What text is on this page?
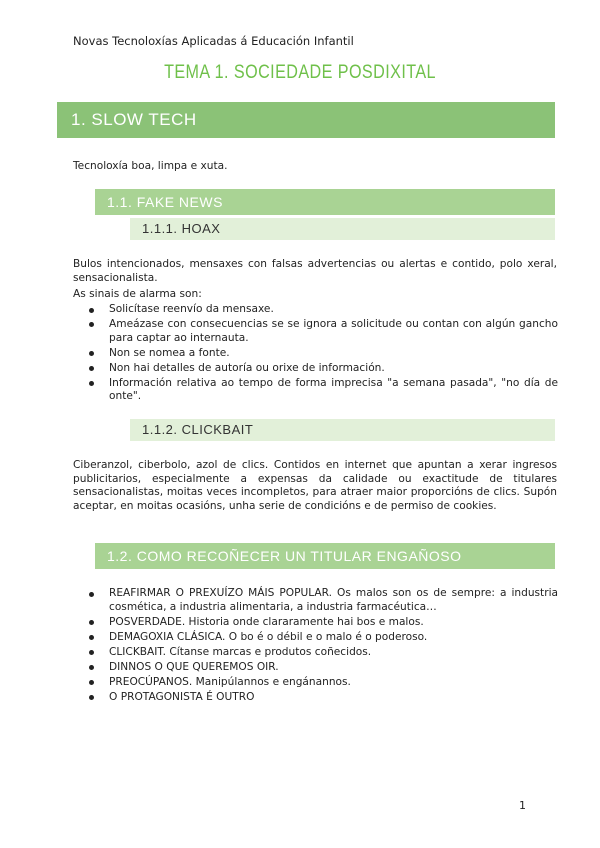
Novas Tecnoloxías Aplicadas á Educación Infantil
TEMA 1. SOCIEDADE POSDIXITAL
1. SLOW TECH
Tecnoloxía boa, limpa e xuta.
1.1. FAKE NEWS
1.1.1. HOAX
Bulos intencionados, mensaxes con falsas advertencias ou alertas e contido, polo xeral, sensacionalista.
As sinais de alarma son:
Solicítase reenvío da mensaxe.
Ameázase con consecuencias se se ignora a solicitude ou contan con algún gancho para captar ao internauta.
Non se nomea a fonte.
Non hai detalles de autoría ou orixe de información.
Información relativa ao tempo de forma imprecisa "a semana pasada", "no día de onte".
1.1.2. CLICKBAIT
Ciberanzol, ciberbolo, azol de clics. Contidos en internet que apuntan a xerar ingresos publicitarios, especialmente a expensas da calidade ou exactitude de titulares sensacionalistas, moitas veces incompletos, para atraer maior proporcións de clics. Supón aceptar, en moitas ocasións, unha serie de condicións e de permiso de cookies.
1.2. COMO RECOÑECER UN TITULAR ENGAÑOSO
REAFIRMAR O PREXUÍZO MÁIS POPULAR. Os malos son os de sempre: a industria cosmética, a industria alimentaria, a industria farmacéutica…
POSVERDADE. Historia onde clararamente hai bos e malos.
DEMAGOXIA CLÁSICA. O bo é o débil e o malo é o poderoso.
CLICKBAIT. Cítanse marcas e produtos coñecidos.
DINNOS O QUE QUEREMOS OIR.
PREOCÚPANOS. Manipúlannos e engánannos.
O PROTAGONISTA É OUTRO
1
